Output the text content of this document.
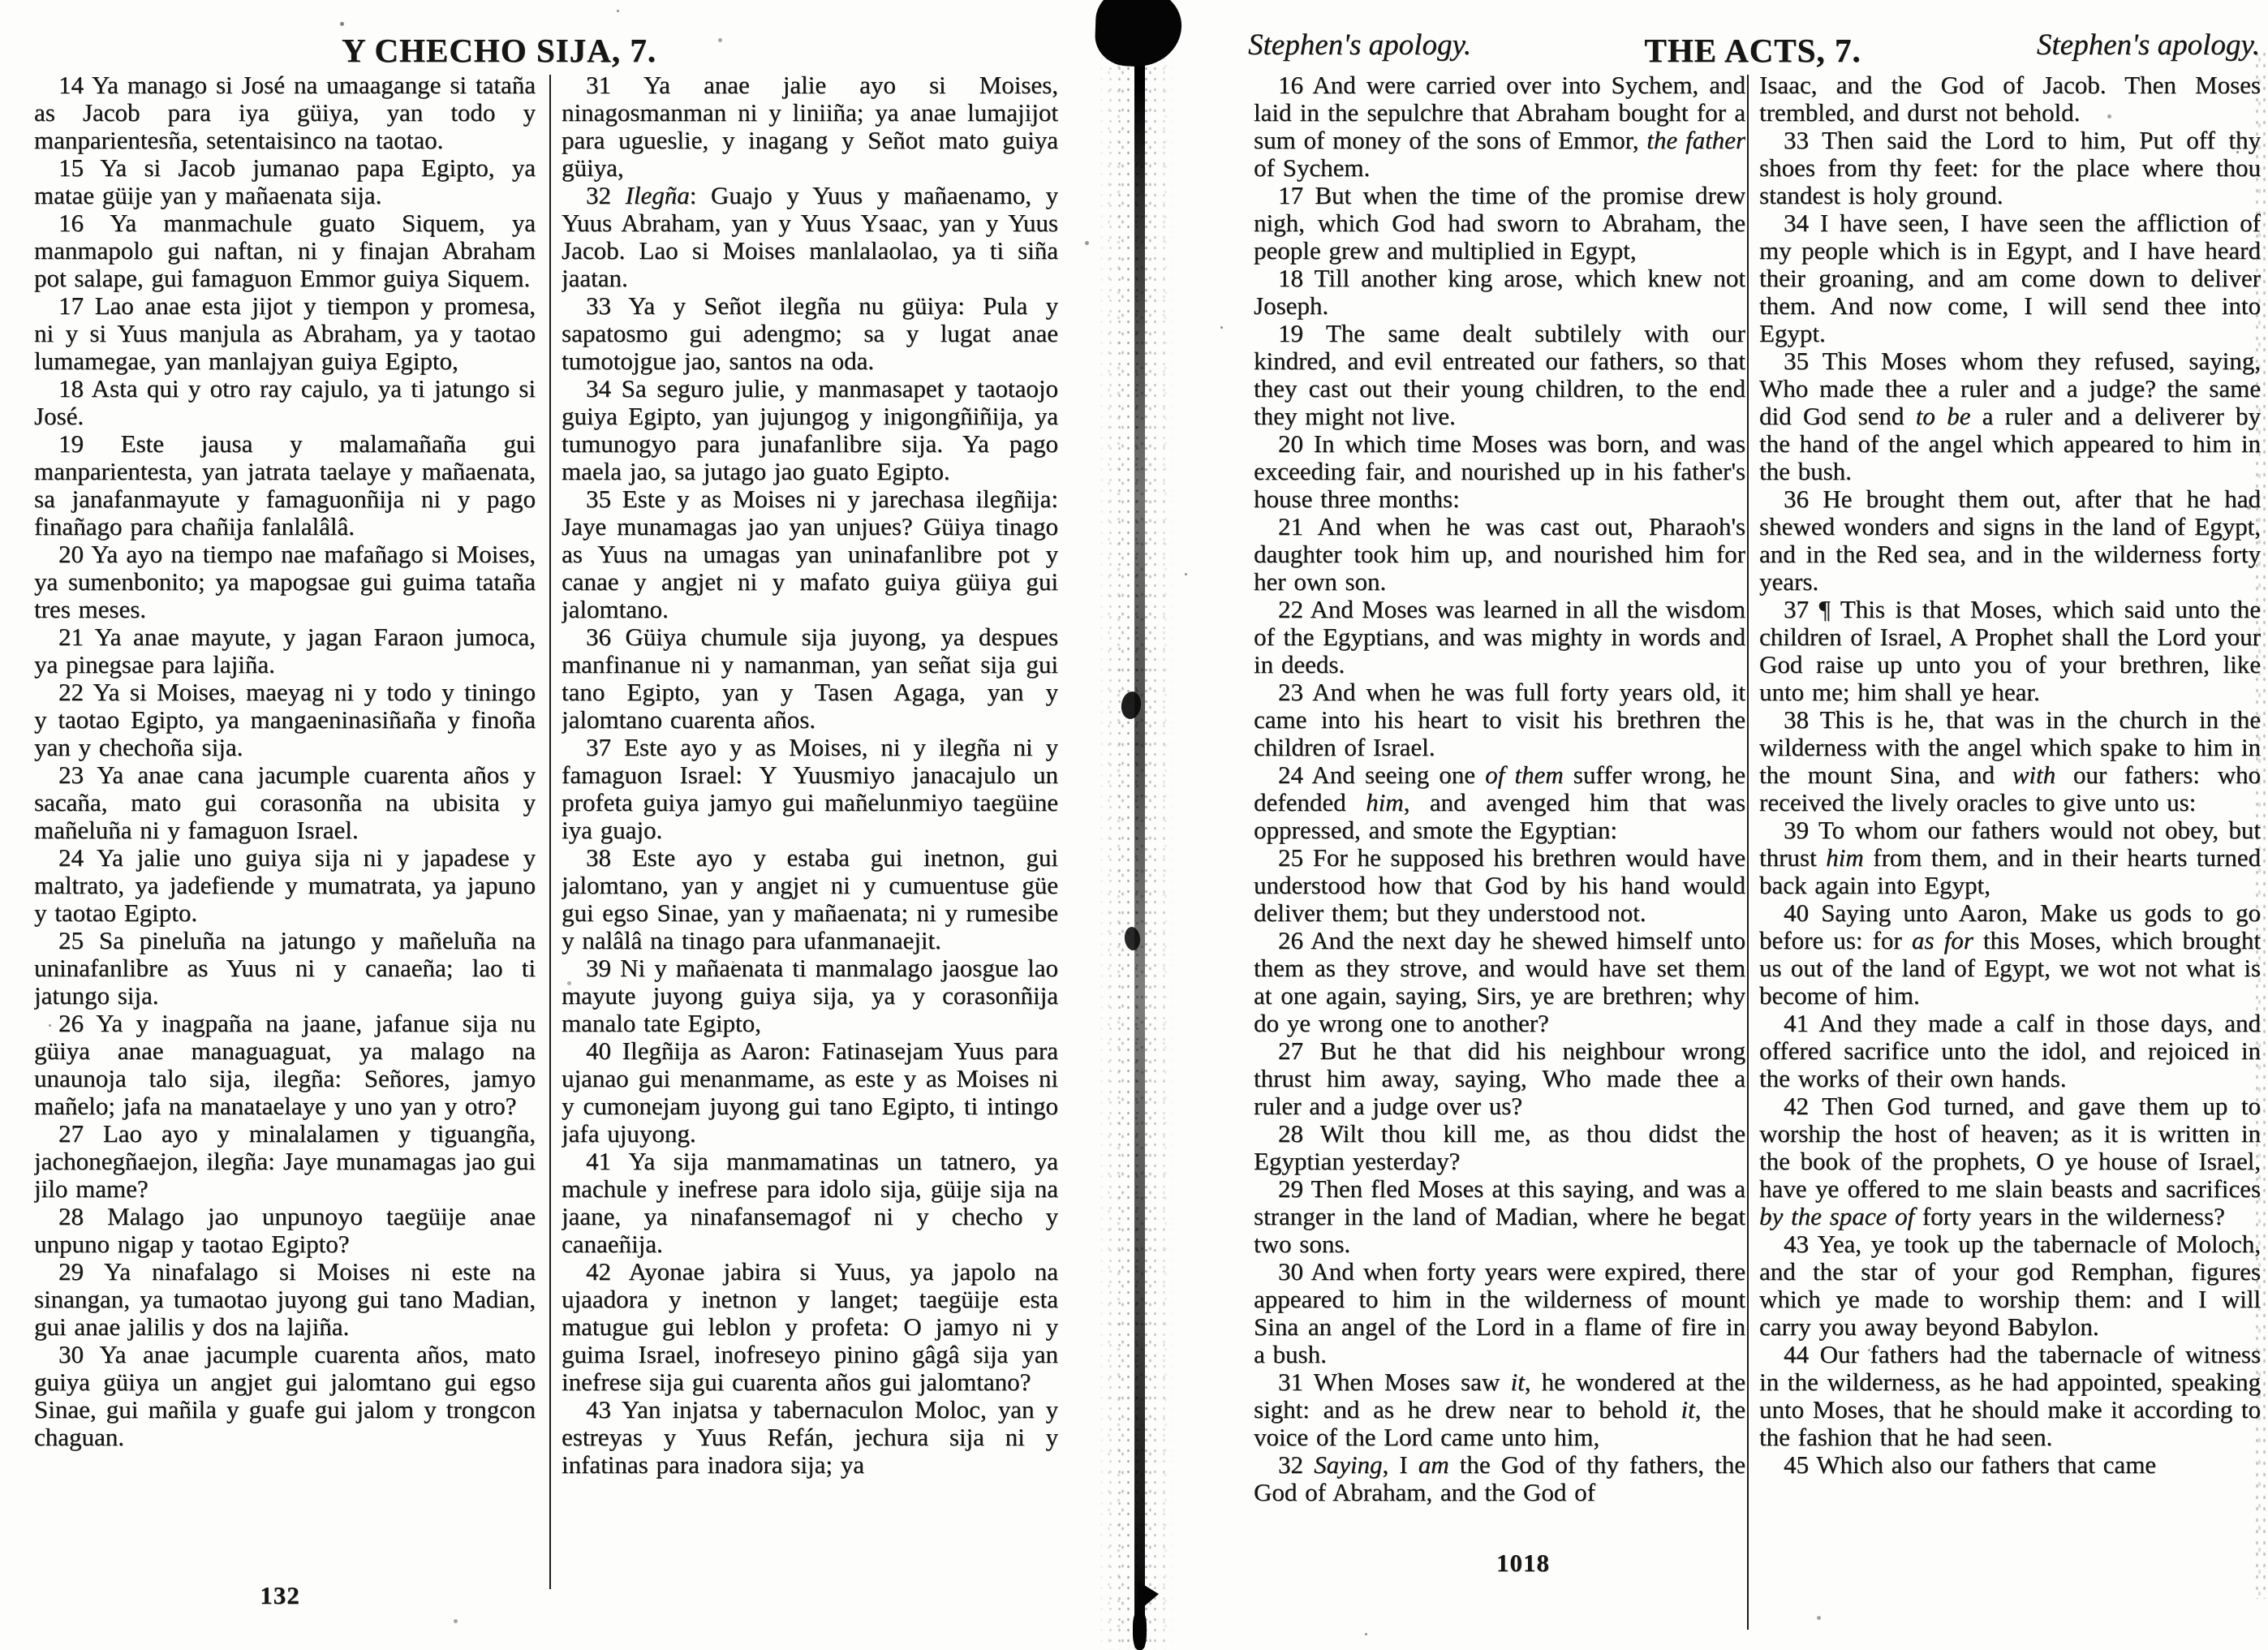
Y CHECHO SIJA, 7.

14 Ya manago si José na umaagange si tataña as Jacob para iya güiya, yan todo y manparientesña, setentaisinco na taotao.

15 Ya si Jacob jumanao papa Egipto, ya matae güije yan y mañaenata sija.

16 Ya manmachule guato Siquem, ya manmapolo gui naftan, ni y finajan Abraham pot salape, gui famaguon Emmor guiya Siquem.

17 Lao anae esta jijot y tiempon y promesa, ni y si Yuus manjula as Abraham, ya y taotao lumamegae, yan manlajyan guiya Egipto,

18 Asta qui y otro ray cajulo, ya ti jatungo si José.

19 Este jausa y malamañaña gui manparientesta, yan jatrata taelaye y mañaenata, sa janafanmayute y famaguonñija ni y pago finañago para chañija fanlalâlâ.

20 Ya ayo na tiempo nae mafañago si Moises, ya sumenbonito; ya mapogsae gui guima tataña tres meses.

21 Ya anae mayute, y jagan Faraon jumoca, ya pinegsae para lajiña.

22 Ya si Moises, maeyag ni y todo y tiningo y taotao Egipto, ya mangaeninasiñaña y finoña yan y chechoña sija.

23 Ya anae cana jacumple cuarenta años y sacaña, mato gui corasonña na ubisita y mañeluña ni y famaguon Israel.

24 Ya jalie uno guiya sija ni y japadese y maltrato, ya jadefiende y mumatrata, ya japuno y taotao Egipto.

25 Sa pineluña na jatungo y mañeluña na uninafanlibre as Yuus ni y canaeña; lao ti jatungo sija.

26 Ya y inagpaña na jaane, jafanue sija nu güiya anae managuaguat, ya malago na unaunoja talo sija, ilegña: Señores, jamyo mañelo; jafa na manataelaye y uno yan y otro?

27 Lao ayo y minalalamen y tiguangña, jachonegñaejon, ilegña: Jaye munamagas jao gui jilo mame?

28 Malago jao unpunoyo taegüije anae unpuno nigap y taotao Egipto?

29 Ya ninafalago si Moises ni este na sinangan, ya tumaotao juyong gui tano Madian, gui anae jalilis y dos na lajiña.

30 Ya anae jacumple cuarenta años, mato guiya güiya un angjet gui jalomtano gui egso Sinae, gui mañila y guafe gui jalom y trongcon chaguan.

31 Ya anae jalie ayo si Moises, ninagosmanman ni y liniiña; ya anae lumajijot para ugueslie, y inagang y Señot mato guiya güiya,

32 Ilegña: Guajo y Yuus y mañaenamo, y Yuus Abraham, yan y Yuus Ysaac, yan y Yuus Jacob. Lao si Moises manlalaolao, ya ti siña jaatan.

33 Ya y Señot ilegña nu güiya: Pula y sapatosmo gui adengmo; sa y lugat anae tumotojgue jao, santos na oda.

34 Sa seguro julie, y manmasapet y taotaojo guiya Egipto, yan jujungog y inigongñiñija, ya tumunogyo para junafanlibre sija. Ya pago maela jao, sa jutago jao guato Egipto.

35 Este y as Moises ni y jarechasa ilegñija: Jaye munamagas jao yan unjues? Güiya tinago as Yuus na umagas yan uninafanlibre pot y canae y angjet ni y mafato guiya güiya gui jalomtano.

36 Güiya chumule sija juyong, ya despues manfinanue ni y namanman, yan señat sija gui tano Egipto, yan y Tasen Agaga, yan y jalomtano cuarenta años.

37 Este ayo y as Moises, ni y ilegña ni y famaguon Israel: Y Yuusmiyo janacajulo un profeta guiya jamyo gui mañelunmiyo taegüine iya guajo.

38 Este ayo y estaba gui inetnon, gui jalomtano, yan y angjet ni y cumuentuse güe gui egso Sinae, yan y mañaenata; ni y rumesibe y nalâlâ na tinago para ufanmanaejit.

39 Ni y mañaenata ti manmalago jaosgue lao mayute juyong guiya sija, ya y corasonñija manalo tate Egipto,

40 Ilegñija as Aaron: Fatinasejam Yuus para ujanao gui menanmame, as este y as Moises ni y cumonejam juyong gui tano Egipto, ti intingo jafa ujuyong.

41 Ya sija manmamatinas un tatnero, ya machule y inefrese para idolo sija, güije sija na jaane, ya ninafansemagof ni y checho y canaeñija.

42 Ayonae jabira si Yuus, ya japolo na ujaadora y inetnon y langet; taegüije esta matugue gui leblon y profeta: O jamyo ni y guima Israel, inofreseyo pinino gâgâ sija yan inefrese sija gui cuarenta años gui jalomtano?

43 Yan injatsa y tabernaculon Moloc, yan y estreyas y Yuus Refán, jechura sija ni y infatinas para inadora sija; ya

132
Stephen's apology.	THE ACTS, 7.	Stephen's apology.

16 And were carried over into Sychem, and laid in the sepulchre that Abraham bought for a sum of money of the sons of Emmor, the father of Sychem.

17 But when the time of the promise drew nigh, which God had sworn to Abraham, the people grew and multiplied in Egypt,

18 Till another king arose, which knew not Joseph.

19 The same dealt subtilely with our kindred, and evil entreated our fathers, so that they cast out their young children, to the end they might not live.

20 In which time Moses was born, and was exceeding fair, and nourished up in his father's house three months:

21 And when he was cast out, Pharaoh's daughter took him up, and nourished him for her own son.

22 And Moses was learned in all the wisdom of the Egyptians, and was mighty in words and in deeds.

23 And when he was full forty years old, it came into his heart to visit his brethren the children of Israel.

24 And seeing one of them suffer wrong, he defended him, and avenged him that was oppressed, and smote the Egyptian:

25 For he supposed his brethren would have understood how that God by his hand would deliver them; but they understood not.

26 And the next day he shewed himself unto them as they strove, and would have set them at one again, saying, Sirs, ye are brethren; why do ye wrong one to another?

27 But he that did his neighbour wrong thrust him away, saying, Who made thee a ruler and a judge over us?

28 Wilt thou kill me, as thou didst the Egyptian yesterday?

29 Then fled Moses at this saying, and was a stranger in the land of Madian, where he begat two sons.

30 And when forty years were expired, there appeared to him in the wilderness of mount Sina an angel of the Lord in a flame of fire in a bush.

31 When Moses saw it, he wondered at the sight: and as he drew near to behold it, the voice of the Lord came unto him,

32 Saying, I am the God of thy fathers, the God of Abraham, and the God of

Isaac, and the God of Jacob. Then Moses trembled, and durst not behold.

33 Then said the Lord to him, Put off thy shoes from thy feet: for the place where thou standest is holy ground.

34 I have seen, I have seen the affliction of my people which is in Egypt, and I have heard their groaning, and am come down to deliver them. And now come, I will send thee into Egypt.

35 This Moses whom they refused, saying, Who made thee a ruler and a judge? the same did God send to be a ruler and a deliverer by the hand of the angel which appeared to him in the bush.

36 He brought them out, after that he had shewed wonders and signs in the land of Egypt, and in the Red sea, and in the wilderness forty years.

37 ¶ This is that Moses, which said unto the children of Israel, A Prophet shall the Lord your God raise up unto you of your brethren, like unto me; him shall ye hear.

38 This is he, that was in the church in the wilderness with the angel which spake to him in the mount Sina, and with our fathers: who received the lively oracles to give unto us:

39 To whom our fathers would not obey, but thrust him from them, and in their hearts turned back again into Egypt,

40 Saying unto Aaron, Make us gods to go before us: for as for this Moses, which brought us out of the land of Egypt, we wot not what is become of him.

41 And they made a calf in those days, and offered sacrifice unto the idol, and rejoiced in the works of their own hands.

42 Then God turned, and gave them up to worship the host of heaven; as it is written in the book of the prophets, O ye house of Israel, have ye offered to me slain beasts and sacrifices by the space of forty years in the wilderness?

43 Yea, ye took up the tabernacle of Moloch, and the star of your god Remphan, figures which ye made to worship them: and I will carry you away beyond Babylon.

44 Our fathers had the tabernacle of witness in the wilderness, as he had appointed, speaking unto Moses, that he should make it according to the fashion that he had seen.

45 Which also our fathers that came

1018
